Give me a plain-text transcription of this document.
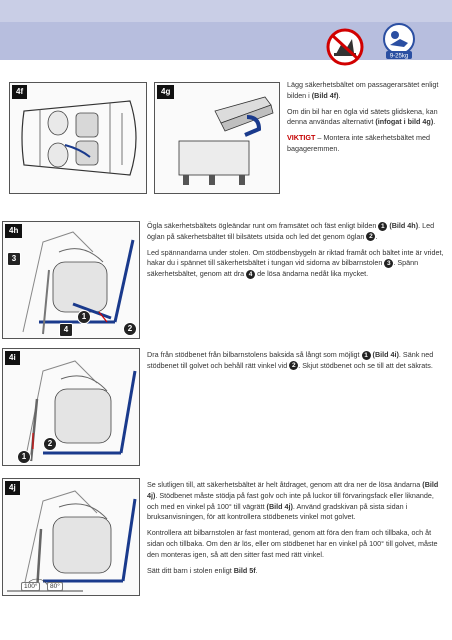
9-25kg
4f	4g

Lägg säkerhetsbältet om passagerarsätet enligt bilden i (Bild 4f).

Om din bil har en ögla vid sätets glidskena, kan denna användas alternativt (infogat i bild 4g).

VIKTIGT – Montera inte säkerhetsbältet med bagageremmen.

4h
3
1
2
4

Ögla säkerhetsbältets ögleändar runt om framsätet och fäst enligt bilden 1 (Bild 4h). Led öglan på säkerhetsbältet till bilsätets utsida och led det genom öglan 2 .

Led spännandarna under stolen. Om stödbensbygeln är riktad framåt och bältet inte är vridet, hakar du i spännet till säkerhetsbältet i tungan vid sidorna av bilbarnstolen 3 . Spänn säkerhetsbältet, genom att dra 4 de lösa ändarna nedåt lika mycket.

4i
2
1

Dra från stödbenet från bilbarnstolens baksida så långt som möjligt 1 (Bild 4i). Sänk ned stödbenet till golvet och behåll rätt vinkel vid 2 . Skjut stödbenet och se till att det säkrats.

4j
100°	80°

Se slutligen till, att säkerhetsbältet är helt åtdraget, genom att dra ner de lösa ändarna (Bild 4j). Stödbenet måste stödja på fast golv och inte på luckor till förvaringsfack eller liknande, och med en vinkel på 100° till vägrätt (Bild 4j). Använd gradskivan på sista sidan i bruksanvisningen, för att kontrollera stödbenets vinkel mot golvet.

Kontrollera att bilbarnstolen är fast monterad, genom att föra den fram och tillbaka, och åt sidan och tillbaka. Om den är lös, eller om stödbenet har en vinkel på 100° till golvet, måste den monteras igen, så att den sitter fast med rätt vinkel.

Sätt ditt barn i stolen enligt Bild 5f.
